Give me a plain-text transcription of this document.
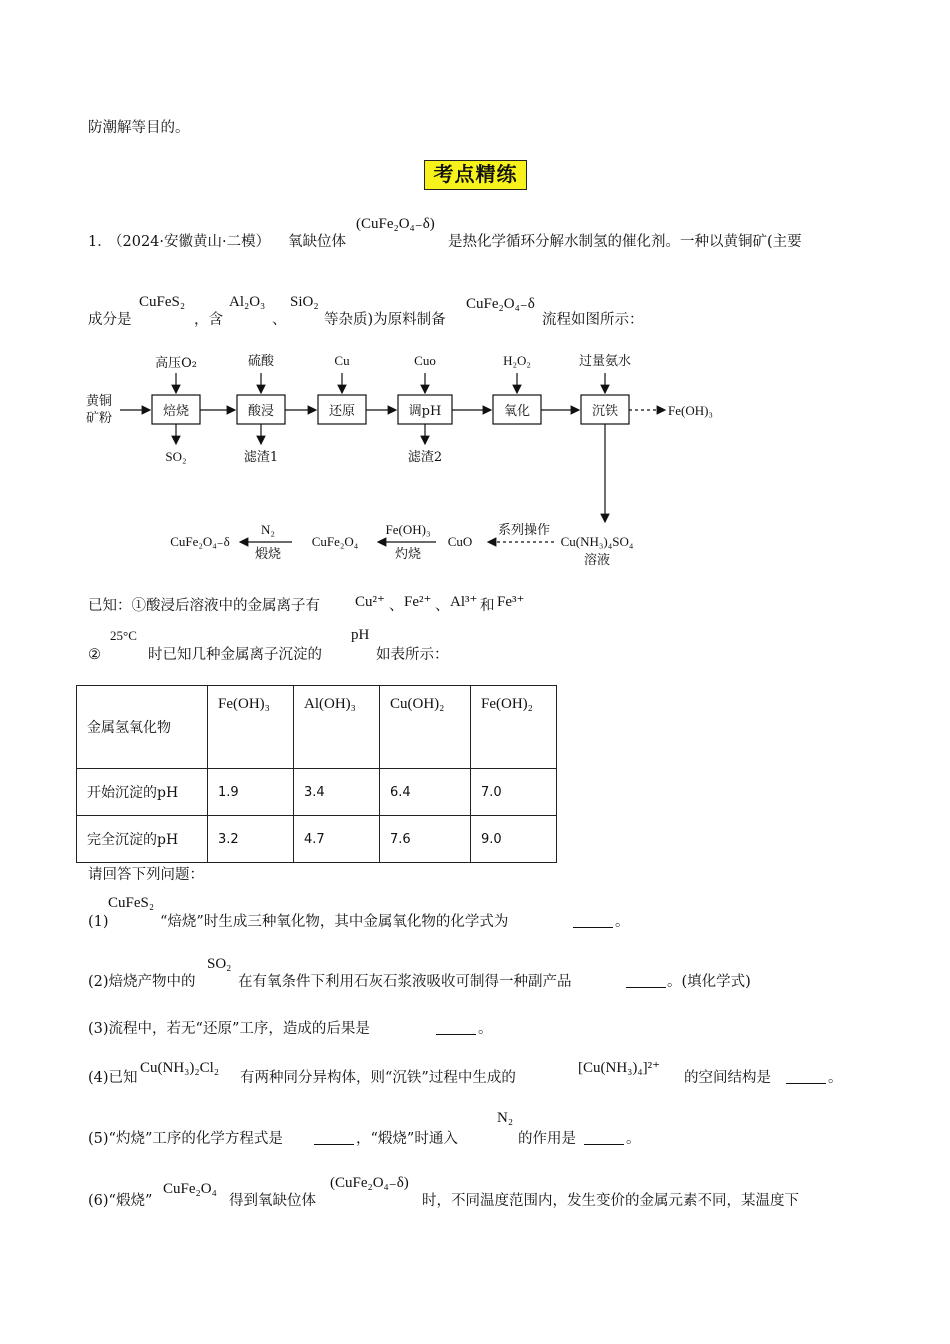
防潮解等目的。
考点精练
1．
（2024·安徽黄山·二模） 氧缺位体
(CuFe₂O₄₋δ)
是热化学循环分解水制氢的催化剂。一种以黄铜矿(主要
成分是
CuFeS₂
，含
Al₂O₃
、
SiO₂
等杂质)为原料制备
CuFe₂O₄₋δ
流程如图所示：
黄铜
矿粉	焙烧	酸浸	还原	调pH	氧化	沉铁	Fe(OH)₃
高压O₂	硫酸	Cu	Cuo	H₂O₂	过量氨水
SO₂	滤渣1	滤渣2
Cu(NH₃)₄SO₄
溶液
系列操作
CuO
Fe(OH)₃
灼烧
CuFe₂O₄
N₂
煅烧
CuFe₂O₄₋δ
已知：①酸浸后溶液中的金属离子有 Cu²⁺ 、 Fe²⁺ 、 Al³⁺ 和 Fe³⁺
②
25°C
时已知几种金属离子沉淀的
pH
如表所示：
金属氢氧化物	Fe(OH)₃	Al(OH)₃	Cu(OH)₂	Fe(OH)₂
开始沉淀的pH	1.9	3.4	6.4	7.0
完全沉淀的pH	3.2	4.7	7.6	9.0
请回答下列问题：
(1)
CuFeS₂
“焙烧”时生成三种氧化物，其中金属氧化物的化学式为	。
(2)焙烧产物中的
SO₂
在有氧条件下利用石灰石浆液吸收可制得一种副产品	。(填化学式)
(3)流程中，若无“还原”工序，造成的后果是	。
(4)已知
Cu(NH₃)₂Cl₂
有两种同分异构体，则“沉铁”过程中生成的
[Cu(NH₃)₄]²⁺
的空间结构是	。
(5)“灼烧”工序的化学方程式是	，“煅烧”时通入
N₂
的作用是	。
(6)“煅烧”
CuFe₂O₄
得到氧缺位体
(CuFe₂O₄₋δ)
时，不同温度范围内，发生变价的金属元素不同，某温度下
